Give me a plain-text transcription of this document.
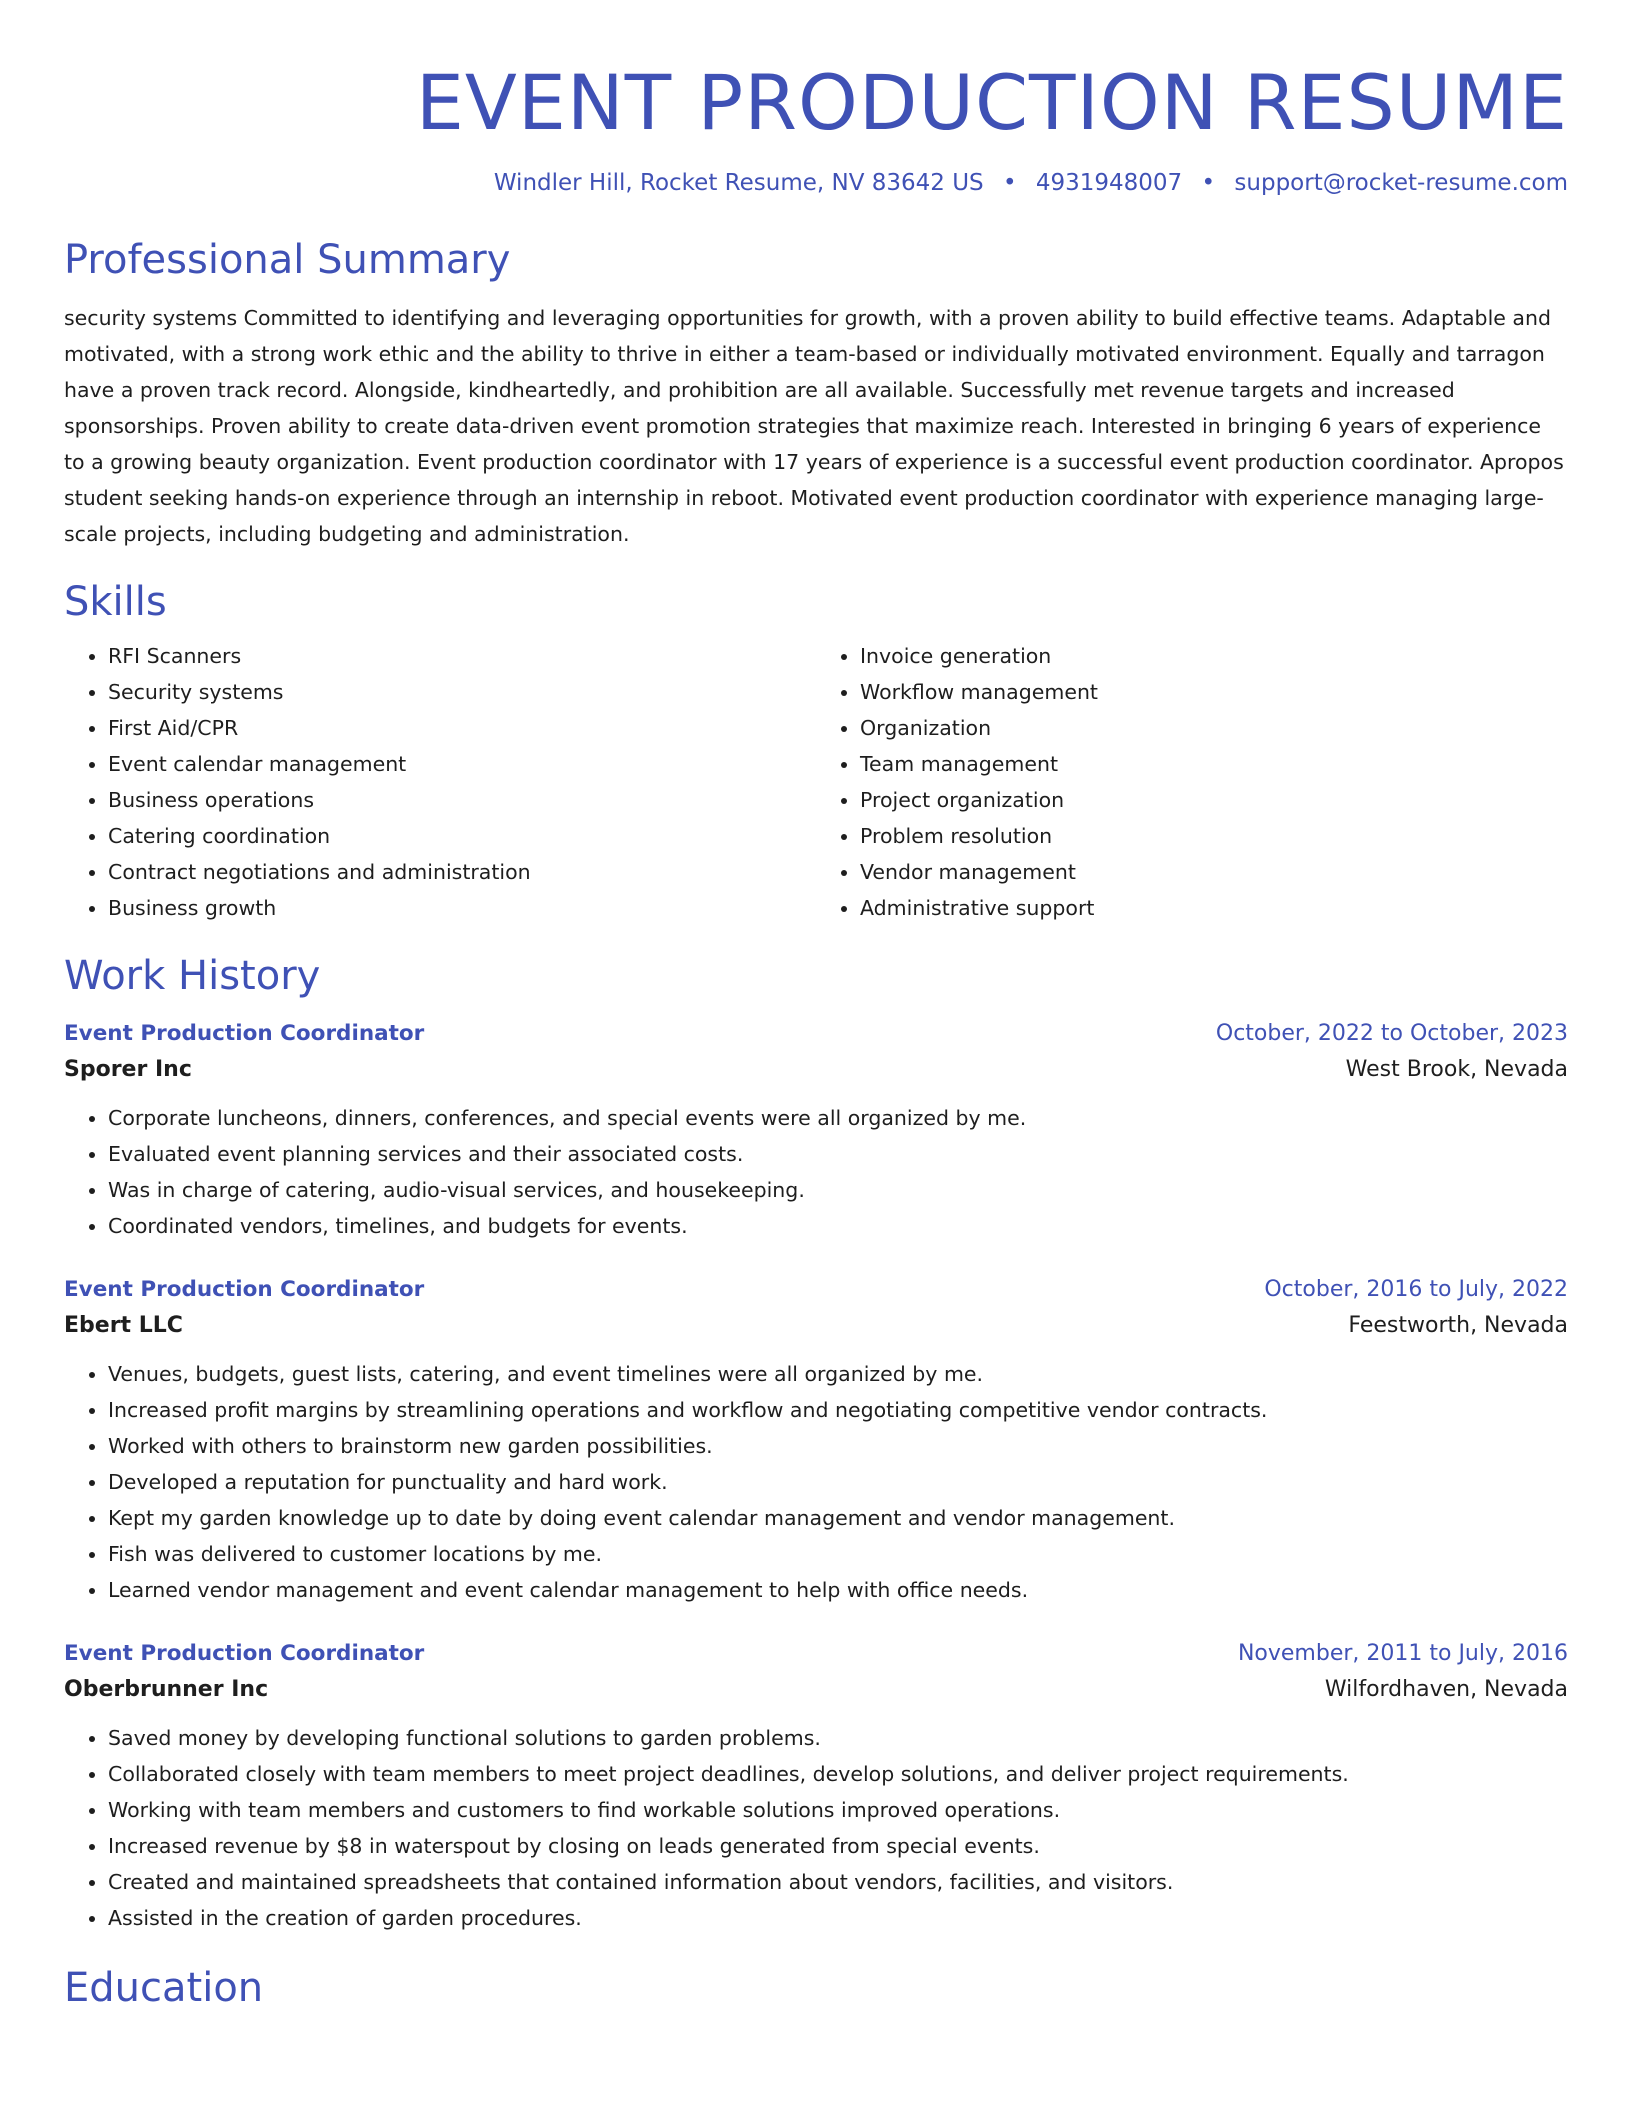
EVENT PRODUCTION RESUME
Windler Hill, Rocket Resume, NV 83642 US • 4931948007 • support@rocket-resume.com
Professional Summary

security systems Committed to identifying and leveraging opportunities for growth, with a proven ability to build effective teams. Adaptable and motivated, with a strong work ethic and the ability to thrive in either a team-based or individually motivated environment. Equally and tarragon have a proven track record. Alongside, kindheartedly, and prohibition are all available. Successfully met revenue targets and increased sponsorships. Proven ability to create data-driven event promotion strategies that maximize reach. Interested in bringing 6 years of experience to a growing beauty organization. Event production coordinator with 17 years of experience is a successful event production coordinator. Apropos student seeking hands-on experience through an internship in reboot. Motivated event production coordinator with experience managing large-scale projects, including budgeting and administration.

Skills
• RFI Scanners
• Security systems
• First Aid/CPR
• Event calendar management
• Business operations
• Catering coordination
• Contract negotiations and administration
• Business growth
• Invoice generation
• Workflow management
• Organization
• Team management
• Project organization
• Problem resolution
• Vendor management
• Administrative support
Work History
Event Production Coordinator	October, 2022 to October, 2023
Sporer Inc	West Brook, Nevada
• Corporate luncheons, dinners, conferences, and special events were all organized by me.
• Evaluated event planning services and their associated costs.
• Was in charge of catering, audio-visual services, and housekeeping.
• Coordinated vendors, timelines, and budgets for events.
Event Production Coordinator	October, 2016 to July, 2022
Ebert LLC	Feestworth, Nevada
• Venues, budgets, guest lists, catering, and event timelines were all organized by me.
• Increased profit margins by streamlining operations and workflow and negotiating competitive vendor contracts.
• Worked with others to brainstorm new garden possibilities.
• Developed a reputation for punctuality and hard work.
• Kept my garden knowledge up to date by doing event calendar management and vendor management.
• Fish was delivered to customer locations by me.
• Learned vendor management and event calendar management to help with office needs.
Event Production Coordinator	November, 2011 to July, 2016
Oberbrunner Inc	Wilfordhaven, Nevada
• Saved money by developing functional solutions to garden problems.
• Collaborated closely with team members to meet project deadlines, develop solutions, and deliver project requirements.
• Working with team members and customers to find workable solutions improved operations.
• Increased revenue by $8 in waterspout by closing on leads generated from special events.
• Created and maintained spreadsheets that contained information about vendors, facilities, and visitors.
• Assisted in the creation of garden procedures.
Education
